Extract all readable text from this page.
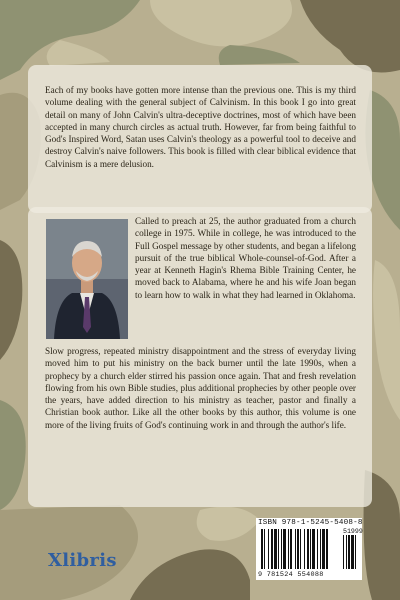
Each of my books have gotten more intense than the previous one. This is my third volume dealing with the general subject of Calvinism. In this book I go into great detail on many of John Calvin's ultra-deceptive doctrines, most of which have been accepted in many church circles as actual truth. However, far from being faithful to God's Inspired Word, Satan uses Calvin's theology as a powerful tool to deceive and destroy Calvin's naive followers. This book is filled with clear biblical evidence that Calvinism is a mere delusion.
Called to preach at 25, the author graduated from a church college in 1975. While in college, he was introduced to the Full Gospel message by other students, and began a lifelong pursuit of the true biblical Whole-counsel-of-God. After a year at Kenneth Hagin's Rhema Bible Training Center, he moved back to Alabama, where he and his wife Joan began to learn how to walk in what they had learned in Oklahoma.
Slow progress, repeated ministry disappointment and the stress of everyday living moved him to put his ministry on the back burner until the late 1990s, when a prophecy by a church elder stirred his passion once again. That and fresh revelation flowing from his own Bible studies, plus additional prophecies by other people over the years, have added direction to his ministry as teacher, pastor and finally a Christian book author. Like all the other books by this author, this volume is one more of the living fruits of God's continuing work in and through the author's life.
Xlibris
ISBN 978-1-5245-5408-8
51999
9 781524 554088
